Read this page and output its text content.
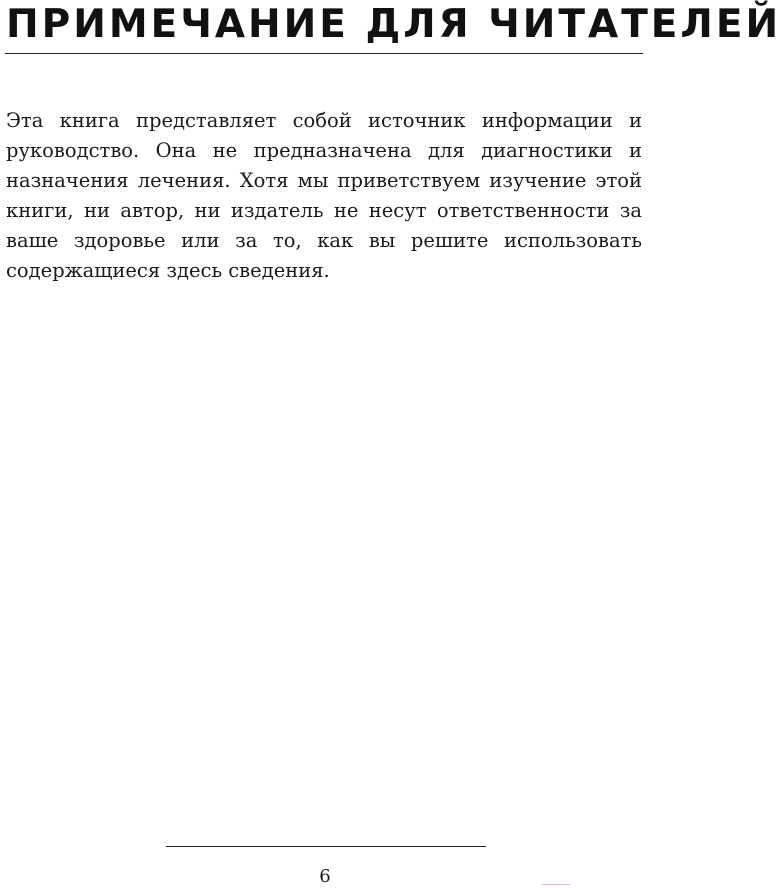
ПРИМЕЧАНИЕ ДЛЯ ЧИТАТЕЛЕЙ

Эта книга представляет собой источник информации и руководство. Она не предназначена для диагностики и назначения лечения. Хотя мы приветствуем изучение этой книги, ни автор, ни издатель не несут ответственности за ваше здоровье или за то, как вы решите использовать содержащиеся здесь сведения.

6
